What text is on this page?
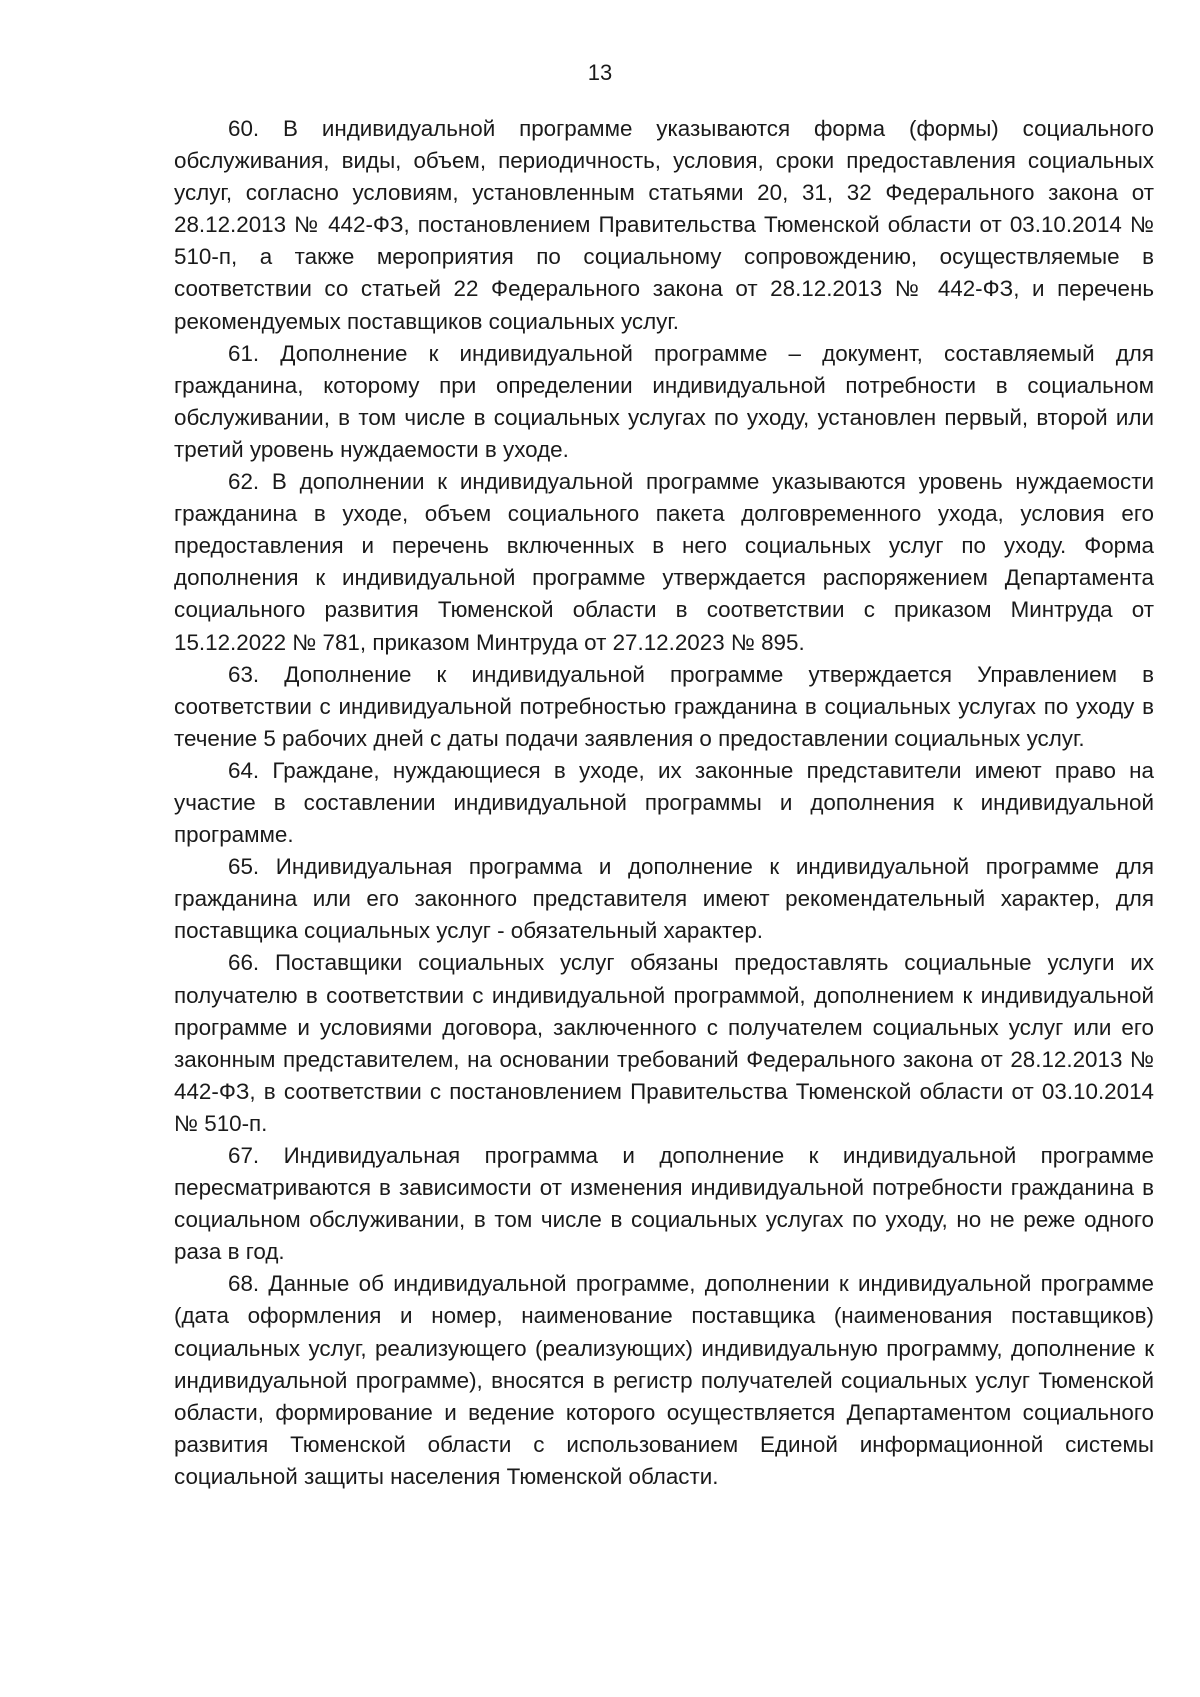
13

60. В индивидуальной программе указываются форма (формы) социального обслуживания, виды, объем, периодичность, условия, сроки предоставления социальных услуг, согласно условиям, установленным статьями 20, 31, 32 Федерального закона от 28.12.2013 № 442-ФЗ, постановлением Правительства Тюменской области от 03.10.2014 № 510-п, а также мероприятия по социальному сопровождению, осуществляемые в соответствии со статьей 22 Федерального закона от 28.12.2013 № 442-ФЗ, и перечень рекомендуемых поставщиков социальных услуг.

61. Дополнение к индивидуальной программе – документ, составляемый для гражданина, которому при определении индивидуальной потребности в социальном обслуживании, в том числе в социальных услугах по уходу, установлен первый, второй или третий уровень нуждаемости в уходе.

62. В дополнении к индивидуальной программе указываются уровень нуждаемости гражданина в уходе, объем социального пакета долговременного ухода, условия его предоставления и перечень включенных в него социальных услуг по уходу. Форма дополнения к индивидуальной программе утверждается распоряжением Департамента социального развития Тюменской области в соответствии с приказом Минтруда от 15.12.2022 № 781, приказом Минтруда от 27.12.2023 № 895.

63. Дополнение к индивидуальной программе утверждается Управлением в соответствии с индивидуальной потребностью гражданина в социальных услугах по уходу в течение 5 рабочих дней с даты подачи заявления о предоставлении социальных услуг.

64. Граждане, нуждающиеся в уходе, их законные представители имеют право на участие в составлении индивидуальной программы и дополнения к индивидуальной программе.

65. Индивидуальная программа и дополнение к индивидуальной программе для гражданина или его законного представителя имеют рекомендательный характер, для поставщика социальных услуг - обязательный характер.

66. Поставщики социальных услуг обязаны предоставлять социальные услуги их получателю в соответствии с индивидуальной программой, дополнением к индивидуальной программе и условиями договора, заключенного с получателем социальных услуг или его законным представителем, на основании требований Федерального закона от 28.12.2013 № 442-ФЗ, в соответствии с постановлением Правительства Тюменской области от 03.10.2014 № 510-п.

67. Индивидуальная программа и дополнение к индивидуальной программе пересматриваются в зависимости от изменения индивидуальной потребности гражданина в социальном обслуживании, в том числе в социальных услугах по уходу, но не реже одного раза в год.

68. Данные об индивидуальной программе, дополнении к индивидуальной программе (дата оформления и номер, наименование поставщика (наименования поставщиков) социальных услуг, реализующего (реализующих) индивидуальную программу, дополнение к индивидуальной программе), вносятся в регистр получателей социальных услуг Тюменской области, формирование и ведение которого осуществляется Департаментом социального развития Тюменской области с использованием Единой информационной системы социальной защиты населения Тюменской области.
